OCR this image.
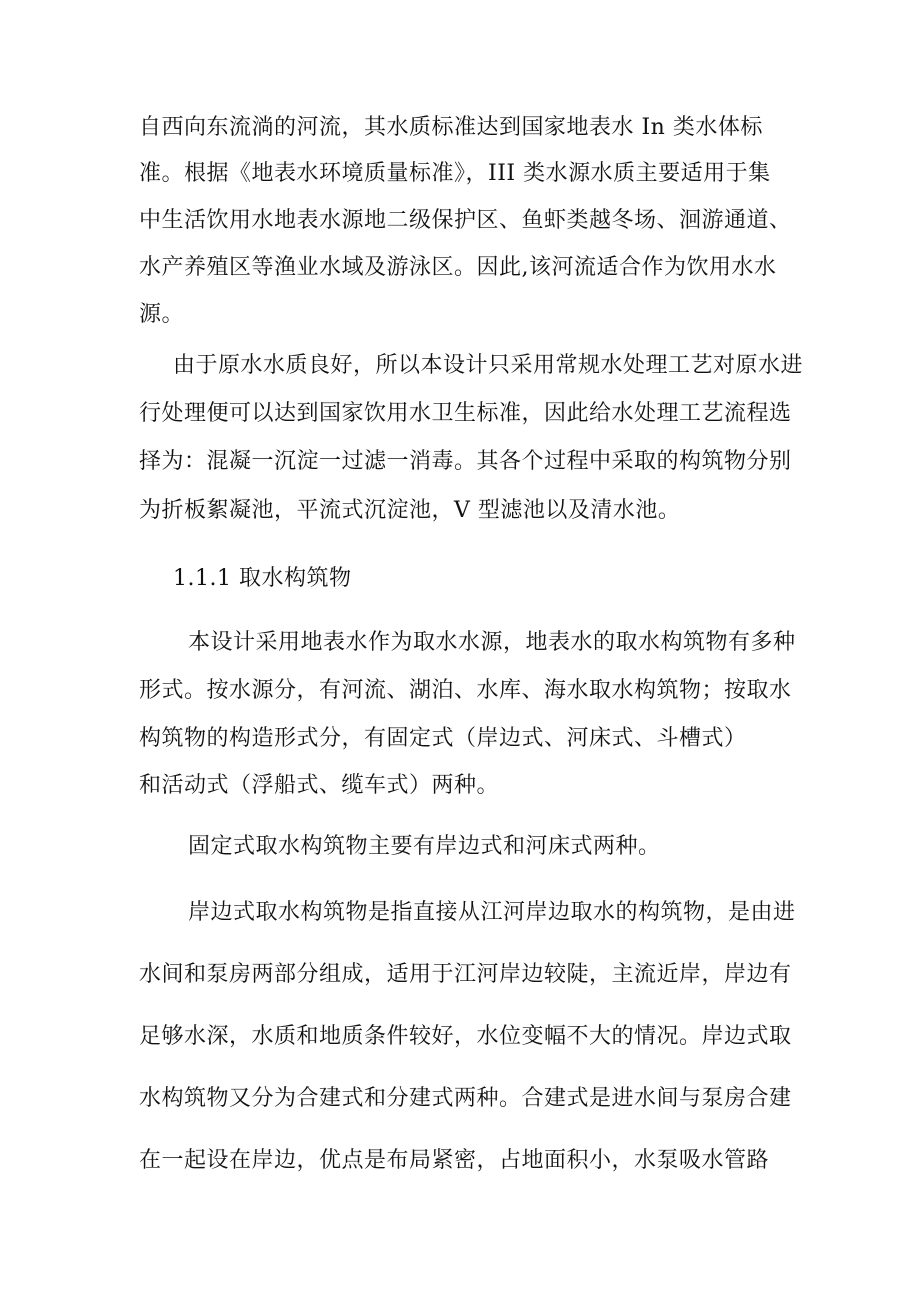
自西向东流淌的河流，其水质标准达到国家地表水 In 类水体标
准。根据《地表水环境质量标准》，III 类水源水质主要适用于集
中生活饮用水地表水源地二级保护区、鱼虾类越冬场、洄游通道、
水产养殖区等渔业水域及游泳区。因此,该河流适合作为饮用水水
源。
由于原水水质良好，所以本设计只采用常规水处理工艺对原水进
行处理便可以达到国家饮用水卫生标准，因此给水处理工艺流程选
择为：混凝一沉淀一过滤一消毒。其各个过程中采取的构筑物分别
为折板絮凝池，平流式沉淀池，V 型滤池以及清水池。
1.1.1 取水构筑物
本设计采用地表水作为取水水源，地表水的取水构筑物有多种
形式。按水源分，有河流、湖泊、水库、海水取水构筑物；按取水
构筑物的构造形式分，有固定式（岸边式、河床式、斗槽式）
和活动式（浮船式、缆车式）两种。
固定式取水构筑物主要有岸边式和河床式两种。
岸边式取水构筑物是指直接从江河岸边取水的构筑物，是由进
水间和泵房两部分组成，适用于江河岸边较陡，主流近岸，岸边有
足够水深，水质和地质条件较好，水位变幅不大的情况。岸边式取
水构筑物又分为合建式和分建式两种。合建式是进水间与泵房合建
在一起设在岸边，优点是布局紧密，占地面积小，水泵吸水管路
